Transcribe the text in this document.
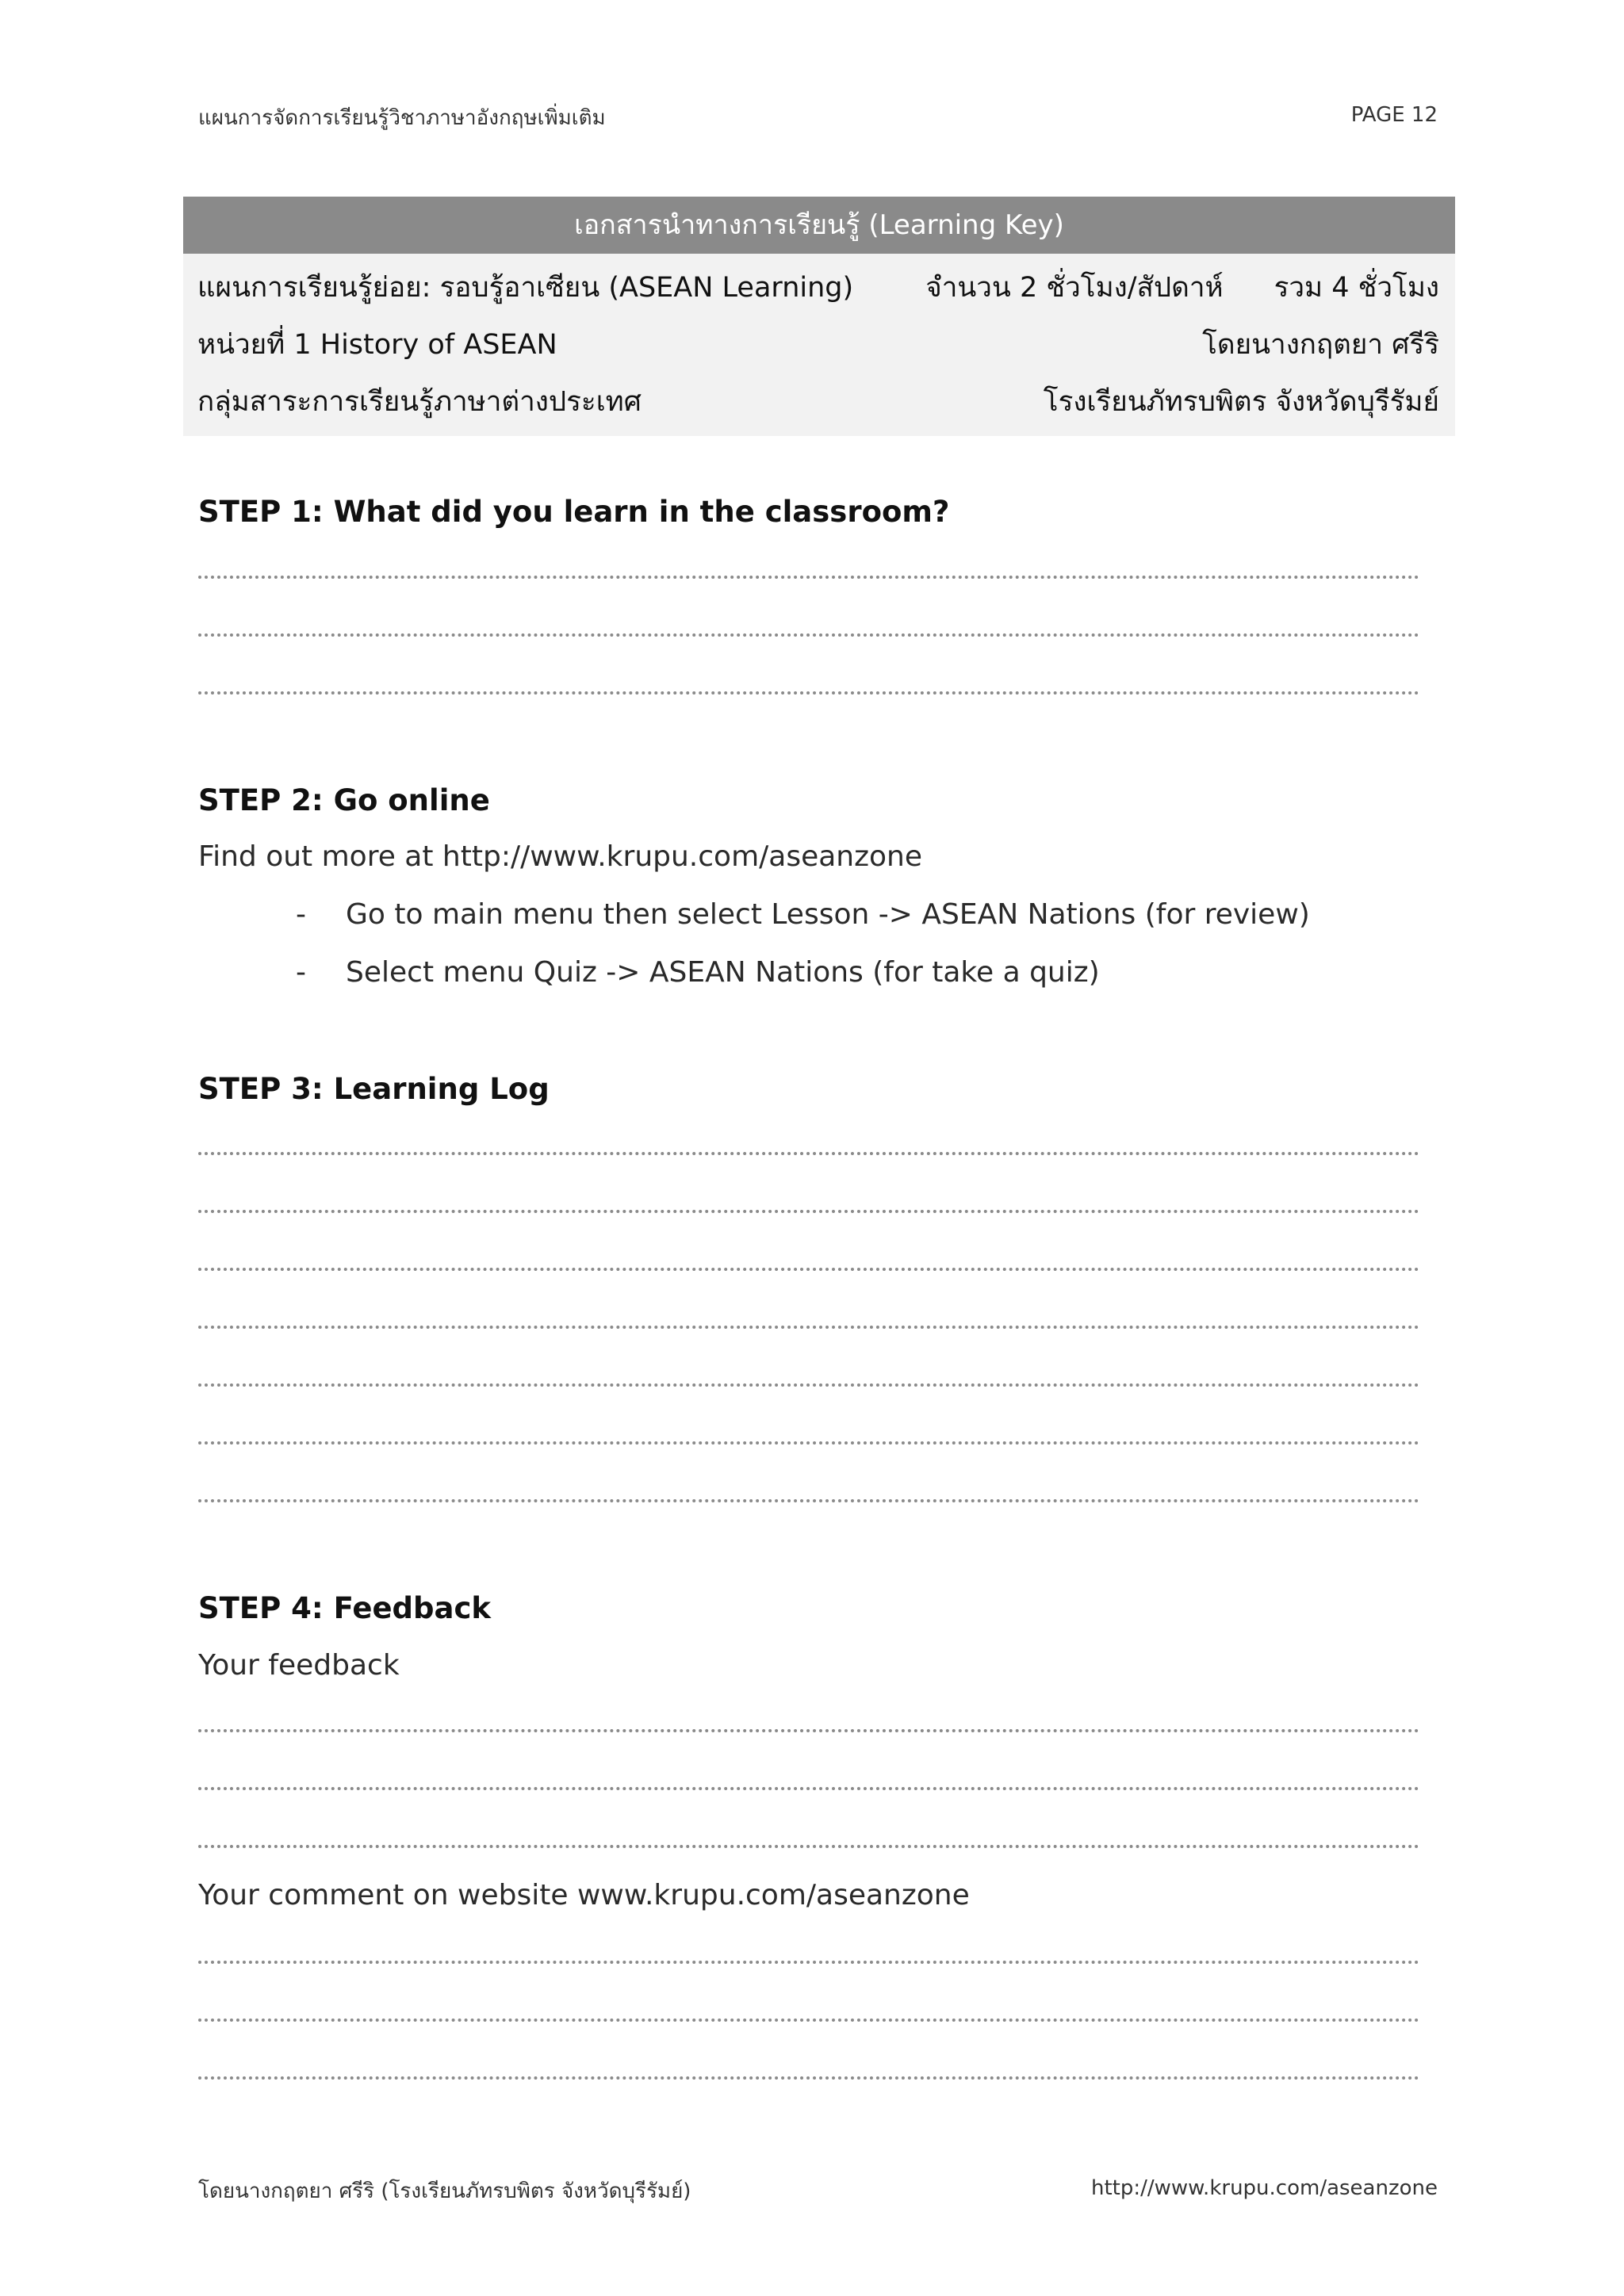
แผนการจัดการเรียนรู้วิชาภาษาอังกฤษเพิ่มเติม	PAGE 12
เอกสารนำทางการเรียนรู้ (Learning Key)
แผนการเรียนรู้ย่อย: รอบรู้อาเซียน (ASEAN Learning)	จำนวน 2 ชั่วโมง/สัปดาห์ รวม 4 ชั่วโมง
หน่วยที่ 1 History of ASEAN	โดยนางกฤตยา ศรีริ
กลุ่มสาระการเรียนรู้ภาษาต่างประเทศ	โรงเรียนภัทรบพิตร จังหวัดบุรีรัมย์
STEP 1: What did you learn in the classroom?
STEP 2: Go online
Find out more at http://www.krupu.com/aseanzone
- Go to main menu then select Lesson -> ASEAN Nations (for review)
- Select menu Quiz -> ASEAN Nations (for take a quiz)
STEP 3: Learning Log
STEP 4: Feedback
Your feedback
Your comment on website www.krupu.com/aseanzone
โดยนางกฤตยา ศรีริ (โรงเรียนภัทรบพิตร จังหวัดบุรีรัมย์)	http://www.krupu.com/aseanzone
